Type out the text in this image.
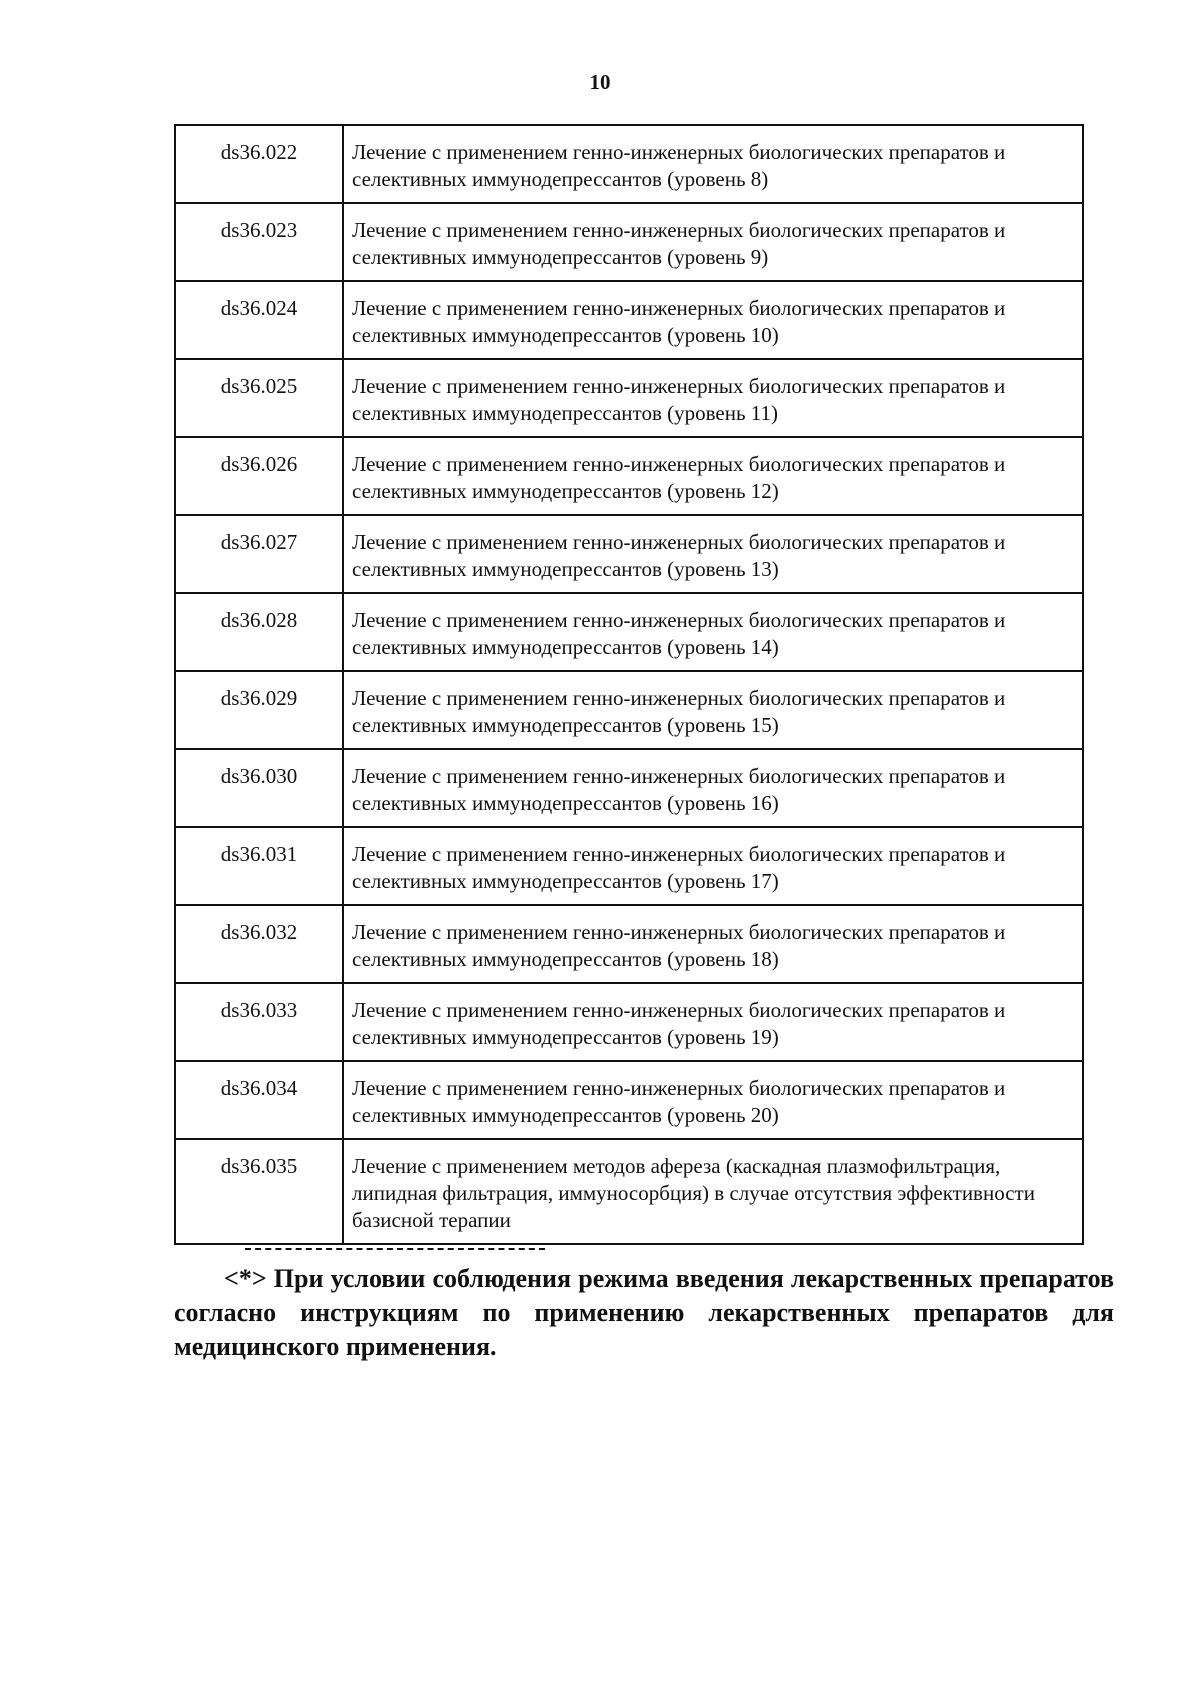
10
ds36.022	Лечение с применением генно-инженерных биологических препаратов и селективных иммунодепрессантов (уровень 8)
ds36.023	Лечение с применением генно-инженерных биологических препаратов и селективных иммунодепрессантов (уровень 9)
ds36.024	Лечение с применением генно-инженерных биологических препаратов и селективных иммунодепрессантов (уровень 10)
ds36.025	Лечение с применением генно-инженерных биологических препаратов и селективных иммунодепрессантов (уровень 11)
ds36.026	Лечение с применением генно-инженерных биологических препаратов и селективных иммунодепрессантов (уровень 12)
ds36.027	Лечение с применением генно-инженерных биологических препаратов и селективных иммунодепрессантов (уровень 13)
ds36.028	Лечение с применением генно-инженерных биологических препаратов и селективных иммунодепрессантов (уровень 14)
ds36.029	Лечение с применением генно-инженерных биологических препаратов и селективных иммунодепрессантов (уровень 15)
ds36.030	Лечение с применением генно-инженерных биологических препаратов и селективных иммунодепрессантов (уровень 16)
ds36.031	Лечение с применением генно-инженерных биологических препаратов и селективных иммунодепрессантов (уровень 17)
ds36.032	Лечение с применением генно-инженерных биологических препаратов и селективных иммунодепрессантов (уровень 18)
ds36.033	Лечение с применением генно-инженерных биологических препаратов и селективных иммунодепрессантов (уровень 19)
ds36.034	Лечение с применением генно-инженерных биологических препаратов и селективных иммунодепрессантов (уровень 20)
ds36.035	Лечение с применением методов афереза (каскадная плазмофильтрация, липидная фильтрация, иммуносорбция) в случае отсутствия эффективности базисной терапии
<*> При условии соблюдения режима введения лекарственных препаратов согласно инструкциям по применению лекарственных препаратов для медицинского применения.
